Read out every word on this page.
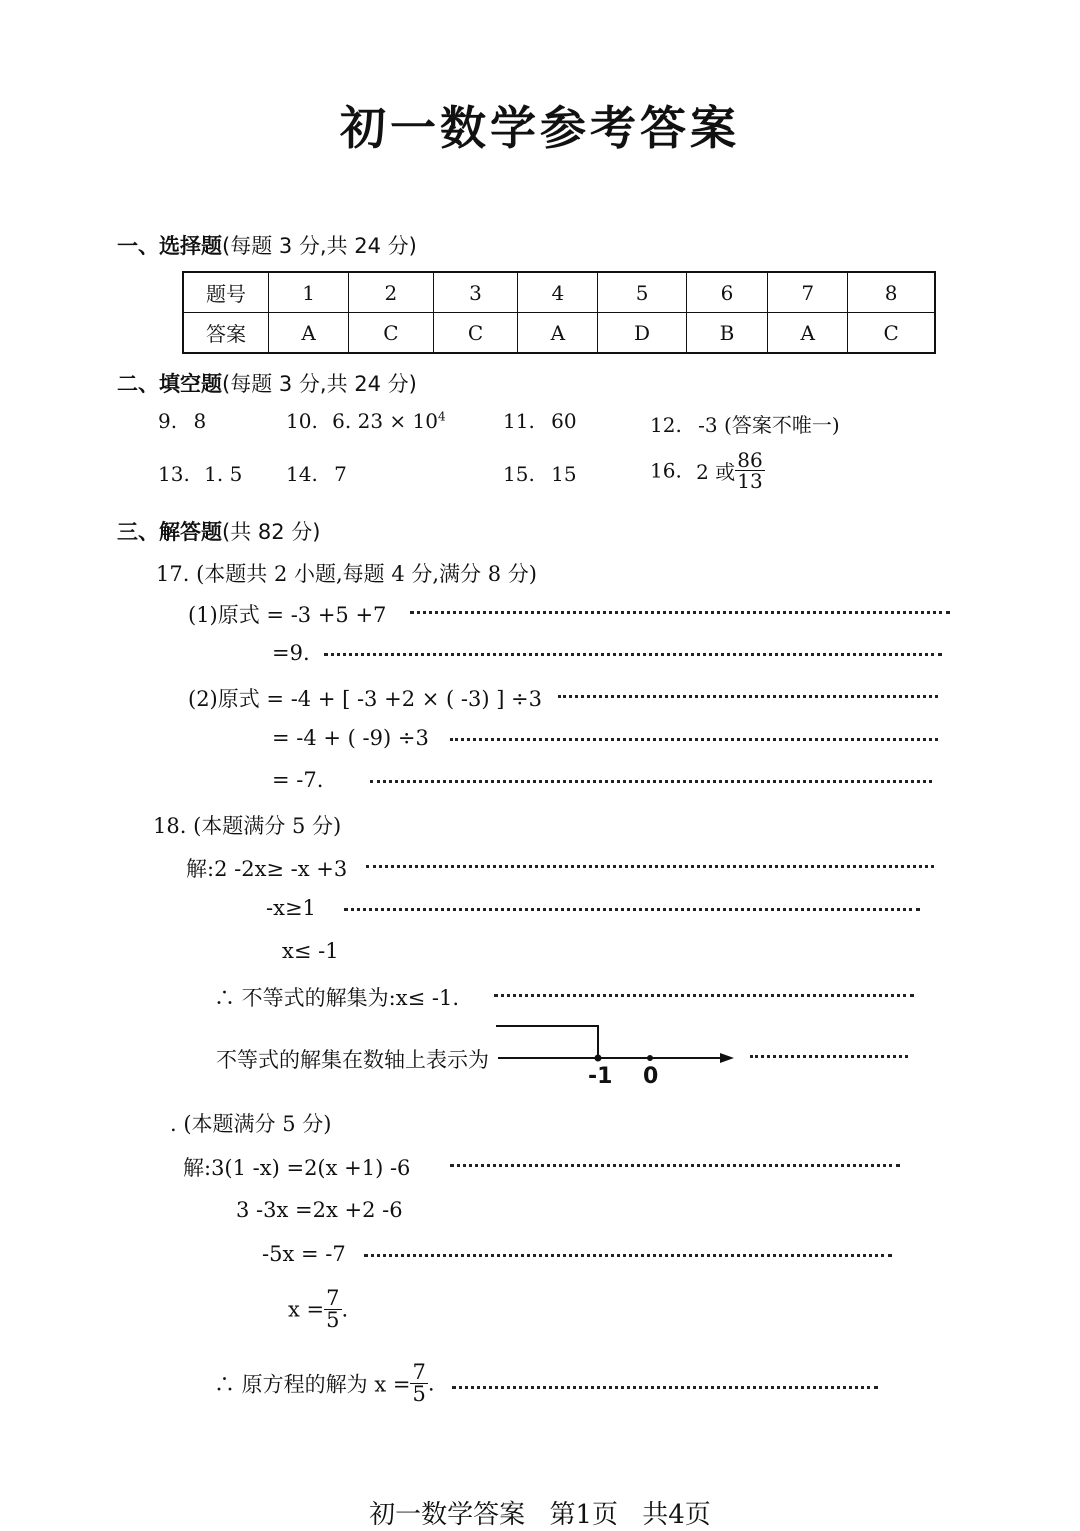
初一数学参考答案
一、选择题(每题 3 分,共 24 分)
题号	1	2	3	4	5	6	7	8
答案	A	C	C	A	D	B	A	C
二、填空题(每题 3 分,共 24 分)
9. 8	10. 6. $23 \times 10^4$	11. 60	12. -3 (答案不唯一)
13. 1. 5 14. 7	15. 15	16. 2 或 $\frac{86}{13}$
三、解答题(共 82 分)
17. (本题共 2 小题,每题 4 分,满分 8 分)
(1)原式 = -3 +5 +7
=9.
(2)原式 = -4 + [ -3 +2 × ( -3) ] ÷3
= -4 + ( -9) ÷3
= -7.
18. (本题满分 5 分)
解:2 -2x≥ -x +3
-x≥1
x≤ -1
∴ 不等式的解集为:x≤ -1.
不等式的解集在数轴上表示为
-1 0
. (本题满分 5 分)
解:3(1 -x) =2(x +1) -6
3 -3x =2x +2 -6
-5x = -7
$x = \frac{7}{5}$ .
∴ 原方程的解为 $x = \frac{7}{5}$ .
初一数学答案 第1页 共4页
